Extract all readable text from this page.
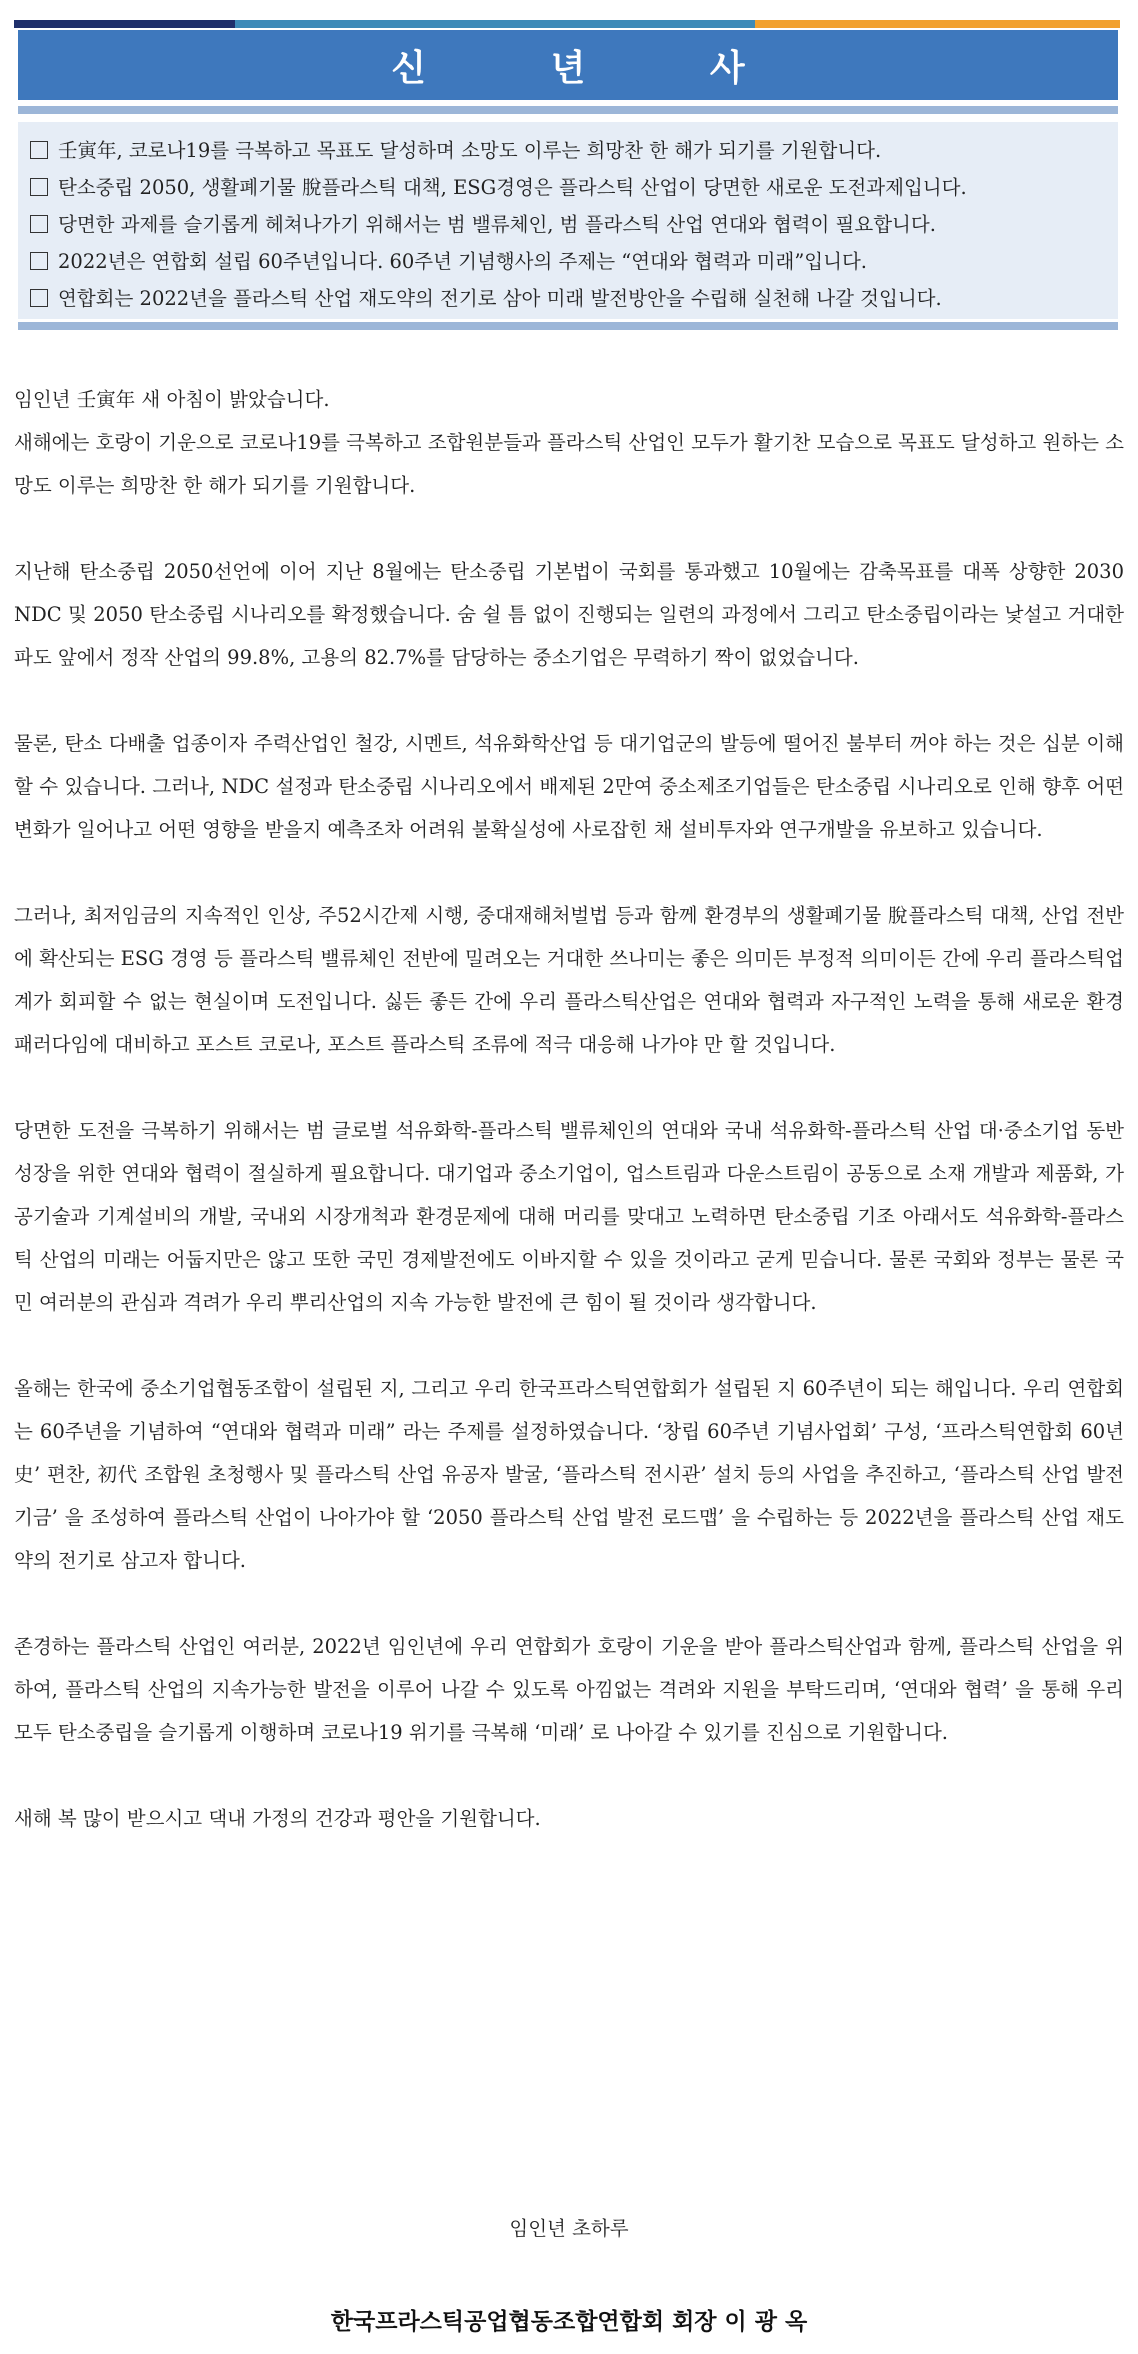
신 년 사
壬寅年, 코로나19를 극복하고 목표도 달성하며 소망도 이루는 희망찬 한 해가 되기를 기원합니다.
탄소중립 2050, 생활폐기물 脫플라스틱 대책, ESG경영은 플라스틱 산업이 당면한 새로운 도전과제입니다.
당면한 과제를 슬기롭게 헤쳐나가기 위해서는 범 밸류체인, 범 플라스틱 산업 연대와 협력이 필요합니다.
2022년은 연합회 설립 60주년입니다. 60주년 기념행사의 주제는 “연대와 협력과 미래”입니다.
연합회는 2022년을 플라스틱 산업 재도약의 전기로 삼아 미래 발전방안을 수립해 실천해 나갈 것입니다.

임인년 壬寅年 새 아침이 밝았습니다.
새해에는 호랑이 기운으로 코로나19를 극복하고 조합원분들과 플라스틱 산업인 모두가 활기찬 모습으로 목표도 달성하고 원하는 소망도 이루는 희망찬 한 해가 되기를 기원합니다.

지난해 탄소중립 2050선언에 이어 지난 8월에는 탄소중립 기본법이 국회를 통과했고 10월에는 감축목표를 대폭 상향한 2030 NDC 및 2050 탄소중립 시나리오를 확정했습니다. 숨 쉴 틈 없이 진행되는 일련의 과정에서 그리고 탄소중립이라는 낯설고 거대한 파도 앞에서 정작 산업의 99.8%, 고용의 82.7%를 담당하는 중소기업은 무력하기 짝이 없었습니다.

물론, 탄소 다배출 업종이자 주력산업인 철강, 시멘트, 석유화학산업 등 대기업군의 발등에 떨어진 불부터 꺼야 하는 것은 십분 이해 할 수 있습니다. 그러나, NDC 설정과 탄소중립 시나리오에서 배제된 2만여 중소제조기업들은 탄소중립 시나리오로 인해 향후 어떤 변화가 일어나고 어떤 영향을 받을지 예측조차 어려워 불확실성에 사로잡힌 채 설비투자와 연구개발을 유보하고 있습니다.

그러나, 최저임금의 지속적인 인상, 주52시간제 시행, 중대재해처벌법 등과 함께 환경부의 생활폐기물 脫플라스틱 대책, 산업 전반에 확산되는 ESG 경영 등 플라스틱 밸류체인 전반에 밀려오는 거대한 쓰나미는 좋은 의미든 부정적 의미이든 간에 우리 플라스틱업계가 회피할 수 없는 현실이며 도전입니다. 싫든 좋든 간에 우리 플라스틱산업은 연대와 협력과 자구적인 노력을 통해 새로운 환경 패러다임에 대비하고 포스트 코로나, 포스트 플라스틱 조류에 적극 대응해 나가야 만 할 것입니다.

당면한 도전을 극복하기 위해서는 범 글로벌 석유화학-플라스틱 밸류체인의 연대와 국내 석유화학-플라스틱 산업 대·중소기업 동반성장을 위한 연대와 협력이 절실하게 필요합니다. 대기업과 중소기업이, 업스트림과 다운스트림이 공동으로 소재 개발과 제품화, 가공기술과 기계설비의 개발, 국내외 시장개척과 환경문제에 대해 머리를 맞대고 노력하면 탄소중립 기조 아래서도 석유화학-플라스틱 산업의 미래는 어둡지만은 않고 또한 국민 경제발전에도 이바지할 수 있을 것이라고 굳게 믿습니다. 물론 국회와 정부는 물론 국민 여러분의 관심과 격려가 우리 뿌리산업의 지속 가능한 발전에 큰 힘이 될 것이라 생각합니다.

올해는 한국에 중소기업협동조합이 설립된 지, 그리고 우리 한국프라스틱연합회가 설립된 지 60주년이 되는 해입니다. 우리 연합회는 60주년을 기념하여 “연대와 협력과 미래” 라는 주제를 설정하였습니다. ‘창립 60주년 기념사업회’ 구성, ‘프라스틱연합회 60년史’ 편찬, 初代 조합원 초청행사 및 플라스틱 산업 유공자 발굴, ‘플라스틱 전시관’ 설치 등의 사업을 추진하고, ‘플라스틱 산업 발전기금’ 을 조성하여 플라스틱 산업이 나아가야 할 ‘2050 플라스틱 산업 발전 로드맵’ 을 수립하는 등 2022년을 플라스틱 산업 재도약의 전기로 삼고자 합니다.

존경하는 플라스틱 산업인 여러분, 2022년 임인년에 우리 연합회가 호랑이 기운을 받아 플라스틱산업과 함께, 플라스틱 산업을 위하여, 플라스틱 산업의 지속가능한 발전을 이루어 나갈 수 있도록 아낌없는 격려와 지원을 부탁드리며, ‘연대와 협력’ 을 통해 우리 모두 탄소중립을 슬기롭게 이행하며 코로나19 위기를 극복해 ‘미래’ 로 나아갈 수 있기를 진심으로 기원합니다.

새해 복 많이 받으시고 댁내 가정의 건강과 평안을 기원합니다.

임인년 초하루
한국프라스틱공업협동조합연합회 회장 이 광 옥
